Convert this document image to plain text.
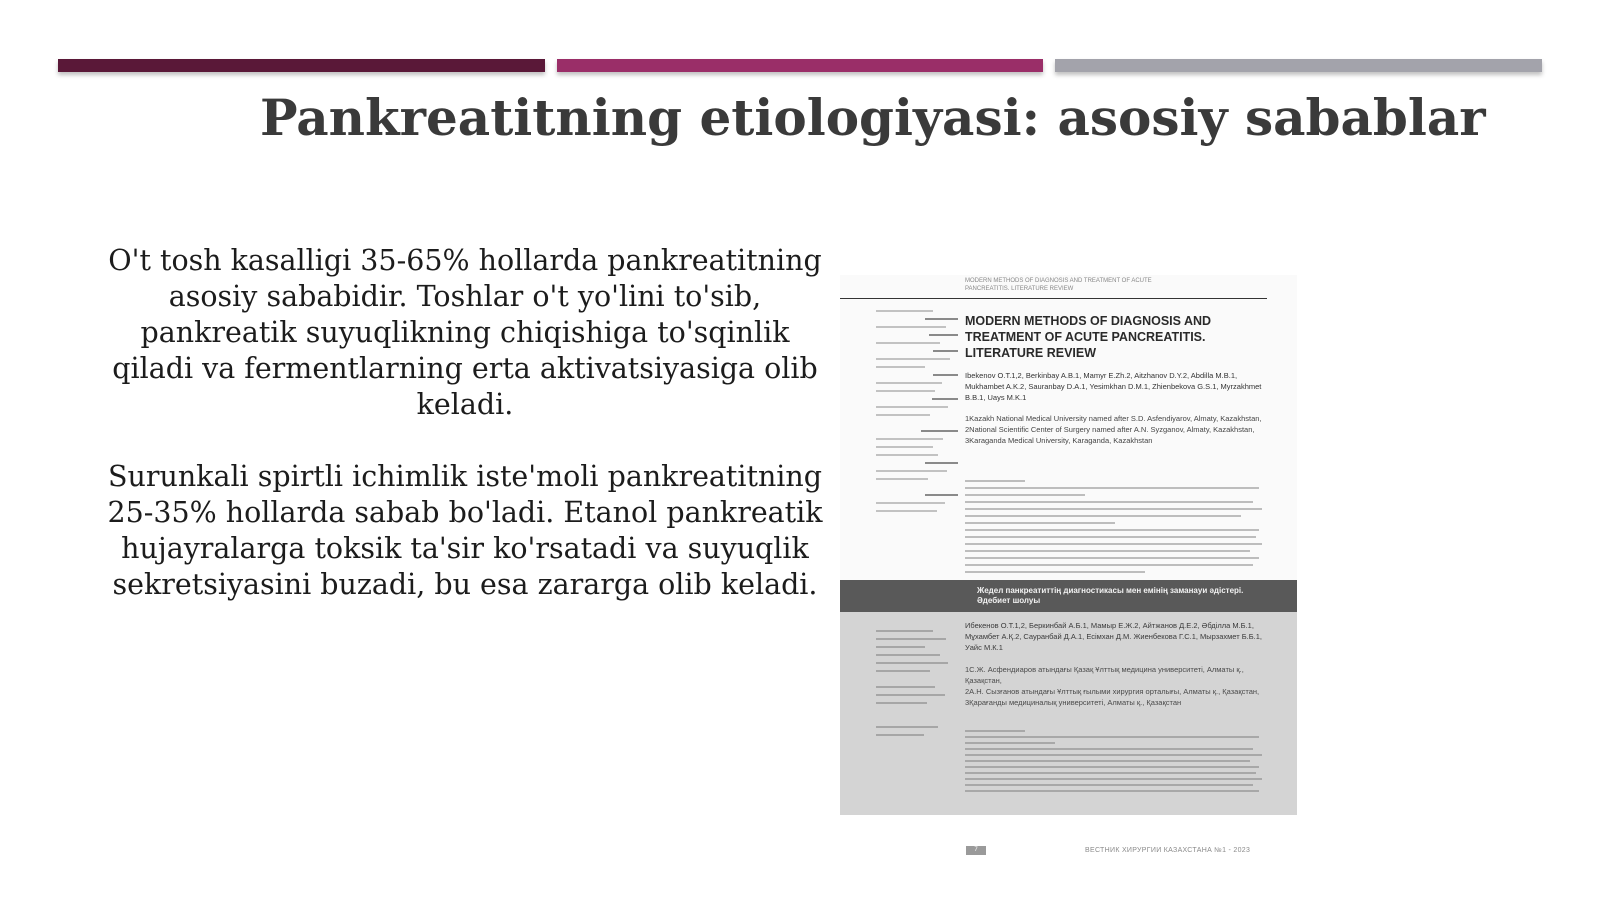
Pankreatitning etiologiyasi: asosiy sabablar

O't tosh kasalligi 35-65% hollarda pankreatitning asosiy sababidir. Toshlar o't yo'lini to'sib, pankreatik suyuqlikning chiqishiga to'sqinlik qiladi va fermentlarning erta aktivatsiyasiga olib keladi.

Surunkali spirtli ichimlik iste'moli pankreatitning 25-35% hollarda sabab bo'ladi. Etanol pankreatik hujayralarga toksik ta'sir ko'rsatadi va suyuqlik sekretsiyasini buzadi, bu esa zararga olib keladi.

MODERN METHODS OF DIAGNOSIS AND TREATMENT OF ACUTE PANCREATITIS. LITERATURE REVIEW
MODERN METHODS OF DIAGNOSIS AND TREATMENT OF ACUTE PANCREATITIS. LITERATURE REVIEW
Ibekenov O.T.1,2, Berkinbay A.B.1, Mamyr E.Zh.2, Aitzhanov D.Y.2, Abdilla M.B.1, Mukhambet A.K.2, Sauranbay D.A.1, Yesimkhan D.M.1, Zhienbekova G.S.1, Myrzakhmet B.B.1, Uays M.K.1
1Kazakh National Medical University named after S.D. Asfendiyarov, Almaty, Kazakhstan,
2National Scientific Center of Surgery named after A.N. Syzganov, Almaty, Kazakhstan,
3Karaganda Medical University, Karaganda, Kazakhstan
Жедел панкреатиттің диагностикасы мен емінің заманауи әдістері. Әдебиет шолуы
Ибекенов О.Т.1,2, Беркинбай А.Б.1, Мамыр Е.Ж.2, Айтжанов Д.Е.2, Әбділла М.Б.1, Мұхамбет А.Қ.2, Сауранбай Д.А.1, Есімхан Д.М. Жиенбекова Г.С.1, Мырзахмет Б.Б.1, Уайс М.К.1
1С.Ж. Асфендиаров атындағы Қазақ Ұлттық медицина университеті, Алматы қ., Қазақстан,
2А.Н. Сызғанов атындағы Ұлттық ғылыми хирургия орталығы, Алматы қ., Қазақстан,
3Қарағанды медициналық университеті, Алматы қ., Қазақстан
7	ВЕСТНИК ХИРУРГИИ КАЗАХСТАНА №1 - 2023
